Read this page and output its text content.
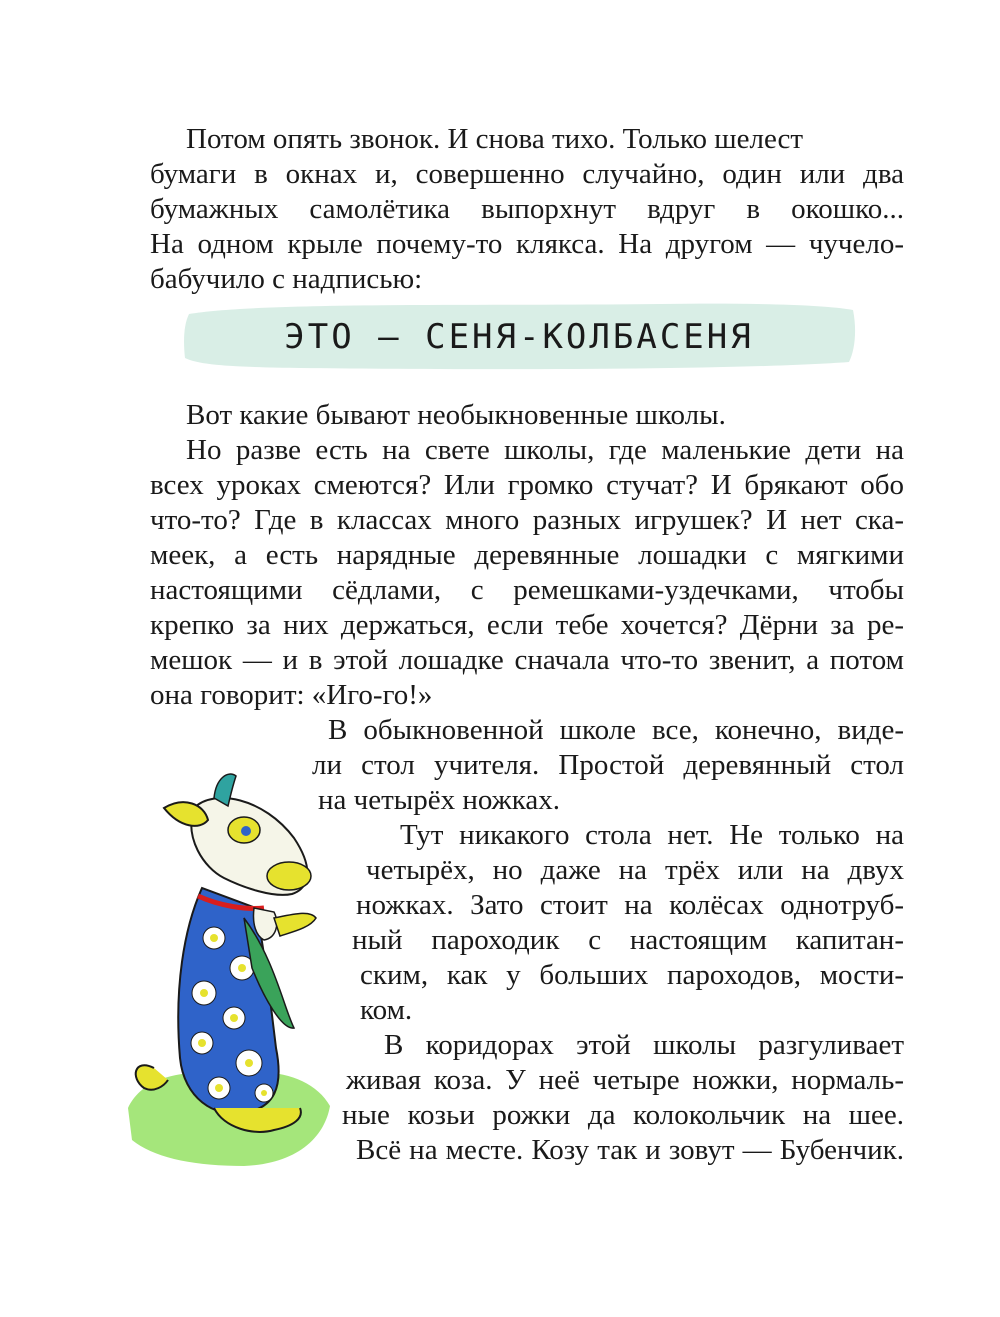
Потом опять звонок. И снова тихо. Только шелест
бумаги в окнах и, совершенно случайно, один или два
бумажных самолётика выпорхнут вдруг в окошко...
На одном крыле почему-то клякса. На другом — чучело-
бабучило с надписью:
ЭТО — СЕНЯ-КОЛБАСЕНЯ
Вот какие бывают необыкновенные школы.
Но разве есть на свете школы, где маленькие дети на
всех уроках смеются? Или громко стучат? И брякают обо
что-то? Где в классах много разных игрушек? И нет ска-
меек, а есть нарядные деревянные лошадки с мягкими
настоящими сёдлами, с ремешками-уздечками, чтобы
крепко за них держаться, если тебе хочется? Дёрни за ре-
мешок — и в этой лошадке сначала что-то звенит, а потом
она говорит: «Иго-го!»
В обыкновенной школе все, конечно, виде-
ли стол учителя. Простой деревянный стол
на четырёх ножках.
Тут никакого стола нет. Не только на
четырёх, но даже на трёх или на двух
ножках. Зато стоит на колёсах однотруб-
ный пароходик с настоящим капитан-
ским, как у больших пароходов, мости-
ком.
В коридорах этой школы разгуливает
живая коза. У неё четыре ножки, нормаль-
ные козьи рожки да колокольчик на шее.
Всё на месте. Козу так и зовут — Бубенчик.
